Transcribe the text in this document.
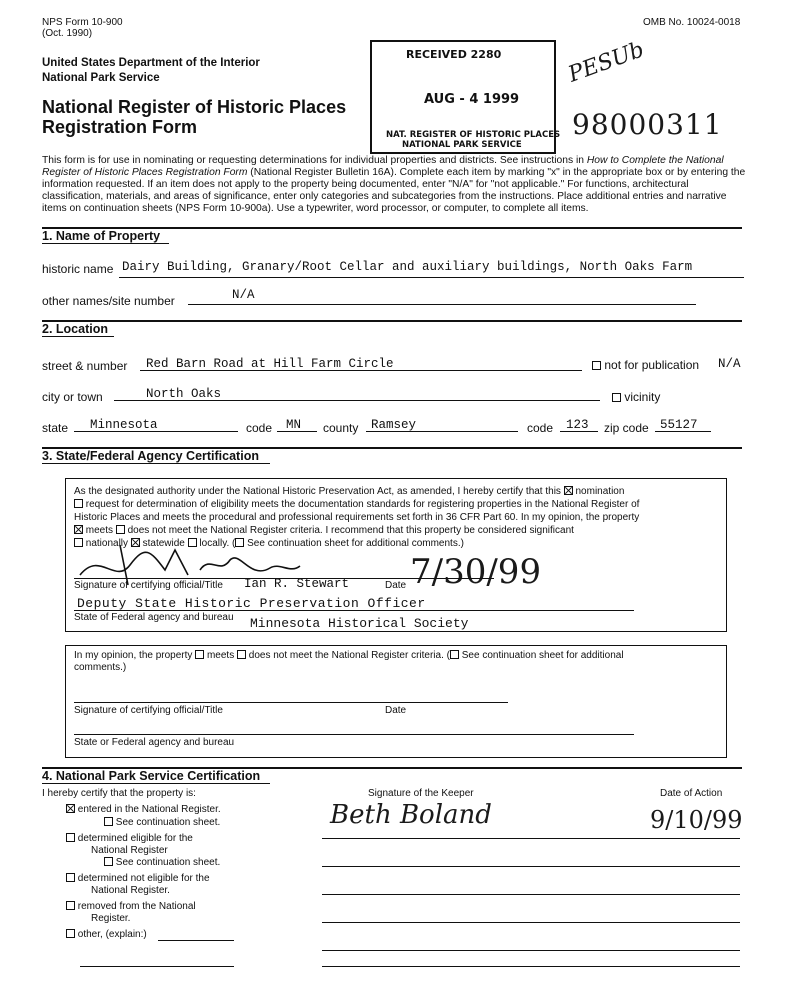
NPS Form 10-900
(Oct. 1990)
OMB No. 10024-0018
United States Department of the Interior
National Park Service
National Register of Historic Places
Registration Form
RECEIVED 2280
AUG - 4 1999
NAT. REGISTER OF HISTORIC PLACES
NATIONAL PARK SERVICE
PESUb
98000311
This form is for use in nominating or requesting determinations for individual properties and districts. See instructions in How to Complete the National Register of Historic Places Registration Form (National Register Bulletin 16A). Complete each item by marking "x" in the appropriate box or by entering the information requested. If an item does not apply to the property being documented, enter "N/A" for "not applicable." For functions, architectural classification, materials, and areas of significance, enter only categories and subcategories from the instructions. Place additional entries and narrative items on continuation sheets (NPS Form 10-900a). Use a typewriter, word processor, or computer, to complete all items.
1. Name of Property
historic name Dairy Building, Granary/Root Cellar and auxiliary buildings, North Oaks Farm
other names/site number	N/A
2. Location
street & number Red Barn Road at Hill Farm Circle	not for publication N/A
city or town	North Oaks	vicinity
state Minnesota	code MN county Ramsey	code 123 zip code 55127
3. State/Federal Agency Certification
As the designated authority under the National Historic Preservation Act, as amended, I hereby certify that this nomination
request for determination of eligibility meets the documentation standards for registering properties in the National Register of
Historic Places and meets the procedural and professional requirements set forth in 36 CFR Part 60. In my opinion, the property
meets does not meet the National Register criteria. I recommend that this property be considered significant
nationally statewide locally. ( See continuation sheet for additional comments.)
Signature of certifying official/Title Ian R. Stewart	Date 7/30/99
Deputy State Historic Preservation Officer
State of Federal agency and bureau Minnesota Historical Society
In my opinion, the property meets does not meet the National Register criteria. ( See continuation sheet for additional
comments.)
Signature of certifying official/Title	Date
State or Federal agency and bureau
4. National Park Service Certification
I hereby certify that the property is:	Signature of the Keeper	Date of Action
entered in the National Register.
See continuation sheet.
determined eligible for the
National Register
See continuation sheet.
determined not eligible for the
National Register.
removed from the National
Register.
other, (explain:)
Beth Boland	9/10/99
